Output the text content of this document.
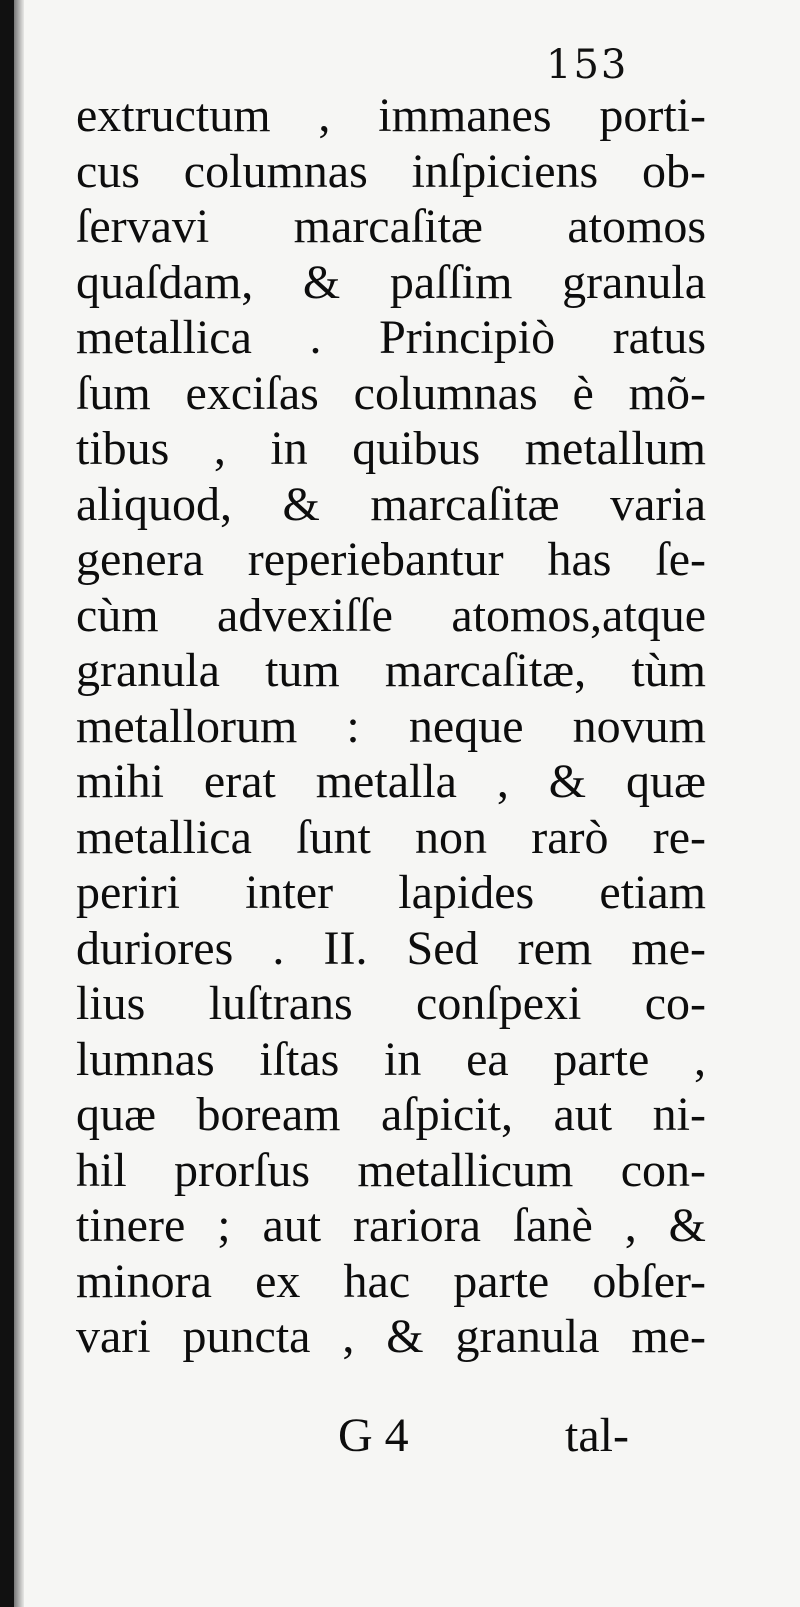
153
extructum , immanes porti-
cus columnas inſpiciens ob-
ſervavi marcaſitæ atomos
quaſdam, & paſſim granula
metallica . Principiò ratus
ſum exciſas columnas è mõ-
tibus , in quibus metallum
aliquod, & marcaſitæ varia
genera reperiebantur has ſe-
cùm advexiſſe atomos,atque
granula tum marcaſitæ, tùm
metallorum : neque novum
mihi erat metalla , & quæ
metallica ſunt non rarò re-
periri inter lapides etiam
duriores . II. Sed rem me-
lius luſtrans conſpexi co-
lumnas iſtas in ea parte ,
quæ boream aſpicit, aut ni-
hil prorſus metallicum con-
tinere ; aut rariora ſanè , &
minora ex hac parte obſer-
vari puncta , & granula me-
G 4	tal-
